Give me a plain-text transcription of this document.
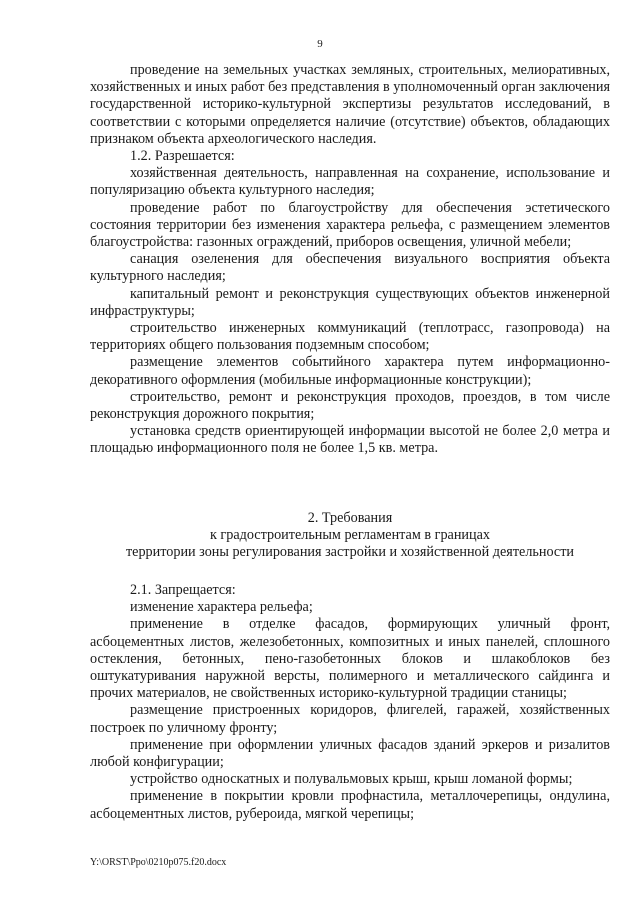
9

проведение на земельных участках земляных, строительных, мелиоративных, хозяйственных и иных работ без представления в уполномоченный орган заключения государственной историко-культурной экспертизы результатов исследований, в соответствии с которыми определяется наличие (отсутствие) объектов, обладающих признаком объекта археологического наследия.

1.2. Разрешается:

хозяйственная деятельность, направленная на сохранение, использование и популяризацию объекта культурного наследия;

проведение работ по благоустройству для обеспечения эстетического состояния территории без изменения характера рельефа, с размещением элементов благоустройства: газонных ограждений, приборов освещения, уличной мебели;

санация озеленения для обеспечения визуального восприятия объекта культурного наследия;

капитальный ремонт и реконструкция существующих объектов инженерной инфраструктуры;

строительство инженерных коммуникаций (теплотрасс, газопровода) на территориях общего пользования подземным способом;

размещение элементов событийного характера путем информационно-декоративного оформления (мобильные информационные конструкции);

строительство, ремонт и реконструкция проходов, проездов, в том числе реконструкция дорожного покрытия;

установка средств ориентирующей информации высотой не более 2,0 метра и площадью информационного поля не более 1,5 кв. метра.

2. Требования
к градостроительным регламентам в границах
территории зоны регулирования застройки и хозяйственной деятельности

2.1. Запрещается:

изменение характера рельефа;

применение в отделке фасадов, формирующих уличный фронт, асбоцементных листов, железобетонных, композитных и иных панелей, сплошного остекления, бетонных, пено-газобетонных блоков и шлакоблоков без оштукатуривания наружной версты, полимерного и металлического сайдинга и прочих материалов, не свойственных историко-культурной традиции станицы;

размещение пристроенных коридоров, флигелей, гаражей, хозяйственных построек по уличному фронту;

применение при оформлении уличных фасадов зданий эркеров и ризалитов любой конфигурации;

устройство односкатных и полувальмовых крыш, крыш ломаной формы;

применение в покрытии кровли профнастила, металлочерепицы, ондулина, асбоцементных листов, рубероида, мягкой черепицы;

Y:\ORST\Ppo\0210p075.f20.docx
